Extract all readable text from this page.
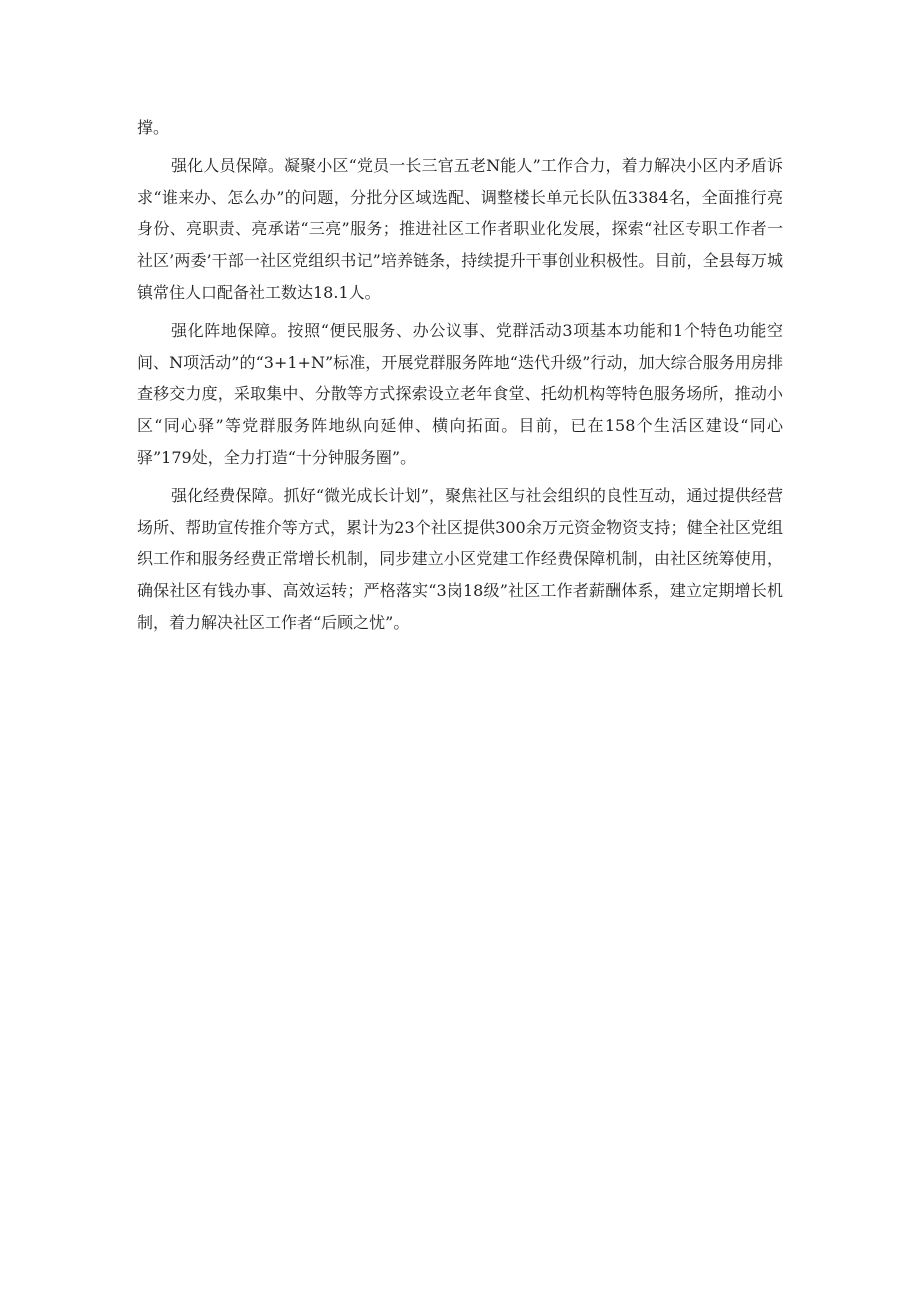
撑。

强化人员保障。凝聚小区“党员一长三官五老N能人”工作合力，着力解决小区内矛盾诉求“谁来办、怎么办”的问题，分批分区域选配、调整楼长单元长队伍3384名，全面推行亮身份、亮职责、亮承诺“三亮”服务；推进社区工作者职业化发展，探索“社区专职工作者一社区’两委’干部一社区党组织书记”培养链条，持续提升干事创业积极性。目前，全县每万城镇常住人口配备社工数达18.1人。

强化阵地保障。按照“便民服务、办公议事、党群活动3项基本功能和1个特色功能空间、N项活动”的“3+1+N”标准，开展党群服务阵地“迭代升级”行动，加大综合服务用房排查移交力度，采取集中、分散等方式探索设立老年食堂、托幼机构等特色服务场所，推动小区“同心驿”等党群服务阵地纵向延伸、横向拓面。目前，已在158个生活区建设“同心驿”179处，全力打造“十分钟服务圈”。

强化经费保障。抓好“微光成长计划”，聚焦社区与社会组织的良性互动，通过提供经营场所、帮助宣传推介等方式，累计为23个社区提供300余万元资金物资支持；健全社区党组织工作和服务经费正常增长机制，同步建立小区党建工作经费保障机制，由社区统筹使用，确保社区有钱办事、高效运转；严格落实“3岗18级”社区工作者薪酬体系，建立定期增长机制，着力解决社区工作者“后顾之忧”。
